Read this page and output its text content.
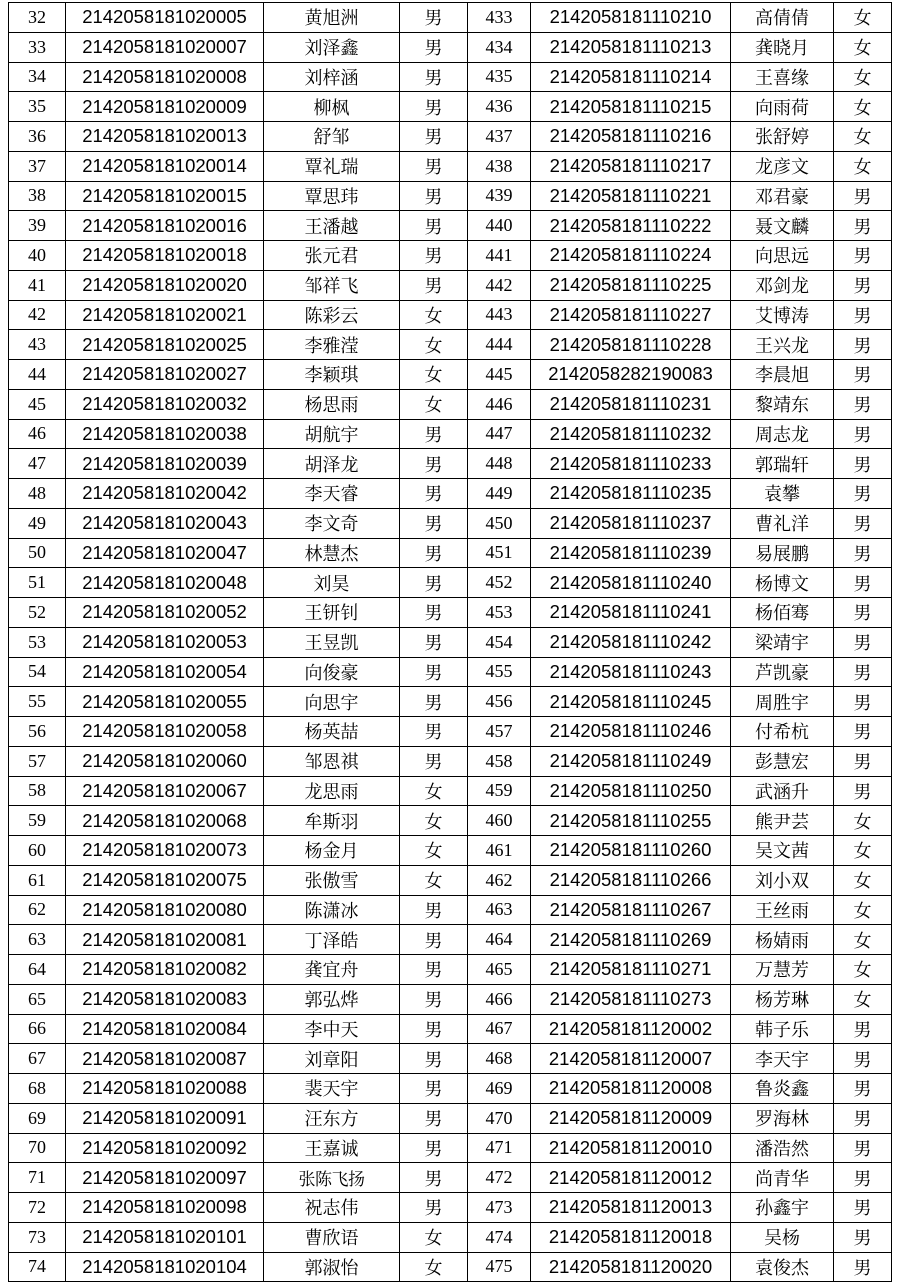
32	2142058181020005	黄旭洲	男	433	2142058181110210	高倩倩	女
33	2142058181020007	刘泽鑫	男	434	2142058181110213	龚晓月	女
34	2142058181020008	刘梓涵	男	435	2142058181110214	王喜缘	女
35	2142058181020009	柳枫	男	436	2142058181110215	向雨荷	女
36	2142058181020013	舒邹	男	437	2142058181110216	张舒婷	女
37	2142058181020014	覃礼瑞	男	438	2142058181110217	龙彦文	女
38	2142058181020015	覃思玮	男	439	2142058181110221	邓君豪	男
39	2142058181020016	王潘越	男	440	2142058181110222	聂文麟	男
40	2142058181020018	张元君	男	441	2142058181110224	向思远	男
41	2142058181020020	邹祥飞	男	442	2142058181110225	邓剑龙	男
42	2142058181020021	陈彩云	女	443	2142058181110227	艾博涛	男
43	2142058181020025	李雅滢	女	444	2142058181110228	王兴龙	男
44	2142058181020027	李颖琪	女	445	2142058282190083	李晨旭	男
45	2142058181020032	杨思雨	女	446	2142058181110231	黎靖东	男
46	2142058181020038	胡航宇	男	447	2142058181110232	周志龙	男
47	2142058181020039	胡泽龙	男	448	2142058181110233	郭瑞轩	男
48	2142058181020042	李天睿	男	449	2142058181110235	袁攀	男
49	2142058181020043	李文奇	男	450	2142058181110237	曹礼洋	男
50	2142058181020047	林慧杰	男	451	2142058181110239	易展鹏	男
51	2142058181020048	刘昊	男	452	2142058181110240	杨博文	男
52	2142058181020052	王钘钊	男	453	2142058181110241	杨佰骞	男
53	2142058181020053	王昱凯	男	454	2142058181110242	梁靖宇	男
54	2142058181020054	向俊豪	男	455	2142058181110243	芦凯豪	男
55	2142058181020055	向思宇	男	456	2142058181110245	周胜宇	男
56	2142058181020058	杨英喆	男	457	2142058181110246	付希杭	男
57	2142058181020060	邹恩祺	男	458	2142058181110249	彭慧宏	男
58	2142058181020067	龙思雨	女	459	2142058181110250	武涵升	男
59	2142058181020068	牟斯羽	女	460	2142058181110255	熊尹芸	女
60	2142058181020073	杨金月	女	461	2142058181110260	吴文茜	女
61	2142058181020075	张傲雪	女	462	2142058181110266	刘小双	女
62	2142058181020080	陈潇冰	男	463	2142058181110267	王丝雨	女
63	2142058181020081	丁泽皓	男	464	2142058181110269	杨婧雨	女
64	2142058181020082	龚宜舟	男	465	2142058181110271	万慧芳	女
65	2142058181020083	郭弘烨	男	466	2142058181110273	杨芳琳	女
66	2142058181020084	李中天	男	467	2142058181120002	韩子乐	男
67	2142058181020087	刘章阳	男	468	2142058181120007	李天宇	男
68	2142058181020088	裴天宇	男	469	2142058181120008	鲁炎鑫	男
69	2142058181020091	汪东方	男	470	2142058181120009	罗海林	男
70	2142058181020092	王嘉诚	男	471	2142058181120010	潘浩然	男
71	2142058181020097	张陈飞扬	男	472	2142058181120012	尚青华	男
72	2142058181020098	祝志伟	男	473	2142058181120013	孙鑫宇	男
73	2142058181020101	曹欣语	女	474	2142058181120018	吴杨	男
74	2142058181020104	郭淑怡	女	475	2142058181120020	袁俊杰	男
